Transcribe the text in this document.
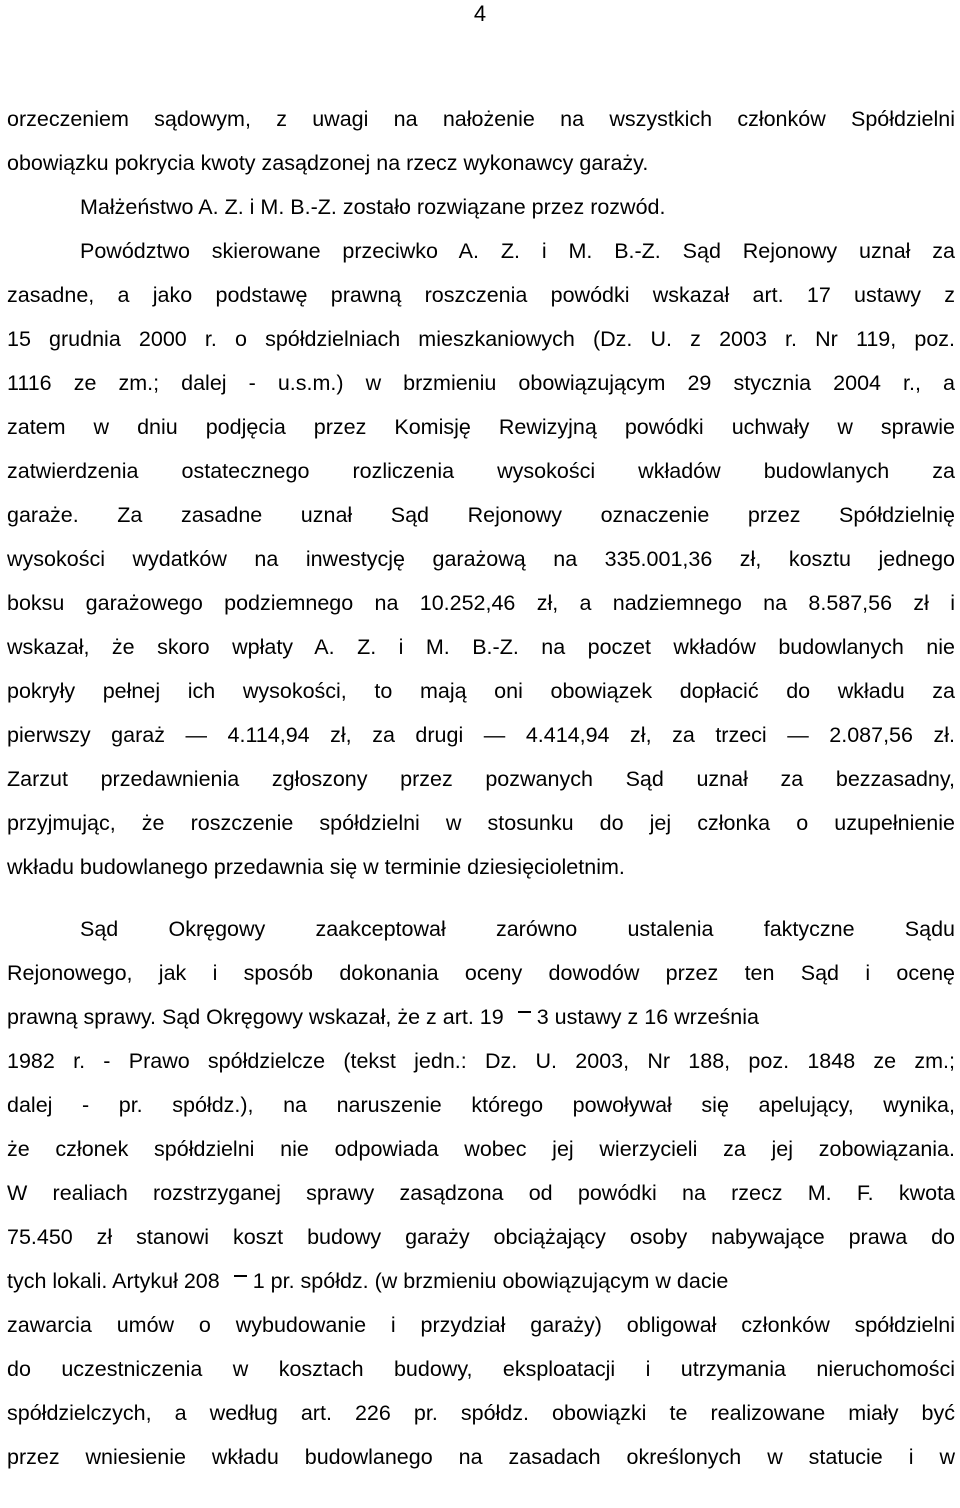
4
orzeczeniem sądowym, z uwagi na nałożenie na wszystkich członków Spółdzielni
obowiązku pokrycia kwoty zasądzonej na rzecz wykonawcy garaży.
Małżeństwo A. Z. i M. B.-Z. zostało rozwiązane przez rozwód.
Powództwo skierowane przeciwko A. Z. i M. B.-Z. Sąd Rejonowy uznał za
zasadne, a jako podstawę prawną roszczenia powódki wskazał art. 17 ustawy z
15 grudnia 2000 r. o spółdzielniach mieszkaniowych (Dz. U. z 2003 r. Nr 119, poz.
1116 ze zm.; dalej - u.s.m.) w brzmieniu obowiązującym 29 stycznia 2004 r., a
zatem w dniu podjęcia przez Komisję Rewizyjną powódki uchwały w sprawie
zatwierdzenia ostatecznego rozliczenia wysokości wkładów budowlanych za
garaże. Za zasadne uznał Sąd Rejonowy oznaczenie przez Spółdzielnię
wysokości wydatków na inwestycję garażową na 335.001,36 zł, kosztu jednego
boksu garażowego podziemnego na 10.252,46 zł, a nadziemnego na 8.587,56 zł i
wskazał, że skoro wpłaty A. Z. i M. B.-Z. na poczet wkładów budowlanych nie
pokryły pełnej ich wysokości, to mają oni obowiązek dopłacić do wkładu za
pierwszy garaż — 4.114,94 zł, za drugi — 4.414,94 zł, za trzeci — 2.087,56 zł.
Zarzut przedawnienia zgłoszony przez pozwanych Sąd uznał za bezzasadny,
przyjmując, że roszczenie spółdzielni w stosunku do jej członka o uzupełnienie
wkładu budowlanego przedawnia się w terminie dziesięcioletnim.
Sąd Okręgowy zaakceptował zarówno ustalenia faktyczne Sądu
Rejonowego, jak i sposób dokonania oceny dowodów przez ten Sąd i ocenę
prawną sprawy. Sąd Okręgowy wskazał, że z art. 19 3 ustawy z 16 września
1982 r. - Prawo spółdzielcze (tekst jedn.: Dz. U. 2003, Nr 188, poz. 1848 ze zm.;
dalej - pr. spółdz.), na naruszenie którego powoływał się apelujący, wynika,
że członek spółdzielni nie odpowiada wobec jej wierzycieli za jej zobowiązania.
W realiach rozstrzyganej sprawy zasądzona od powódki na rzecz M. F. kwota
75.450 zł stanowi koszt budowy garaży obciążający osoby nabywające prawa do
tych lokali. Artykuł 208 1 pr. spółdz. (w brzmieniu obowiązującym w dacie
zawarcia umów o wybudowanie i przydział garaży) obligował członków spółdzielni
do uczestniczenia w kosztach budowy, eksploatacji i utrzymania nieruchomości
spółdzielczych, a według art. 226 pr. spółdz. obowiązki te realizowane miały być
przez wniesienie wkładu budowlanego na zasadach określonych w statucie i w
